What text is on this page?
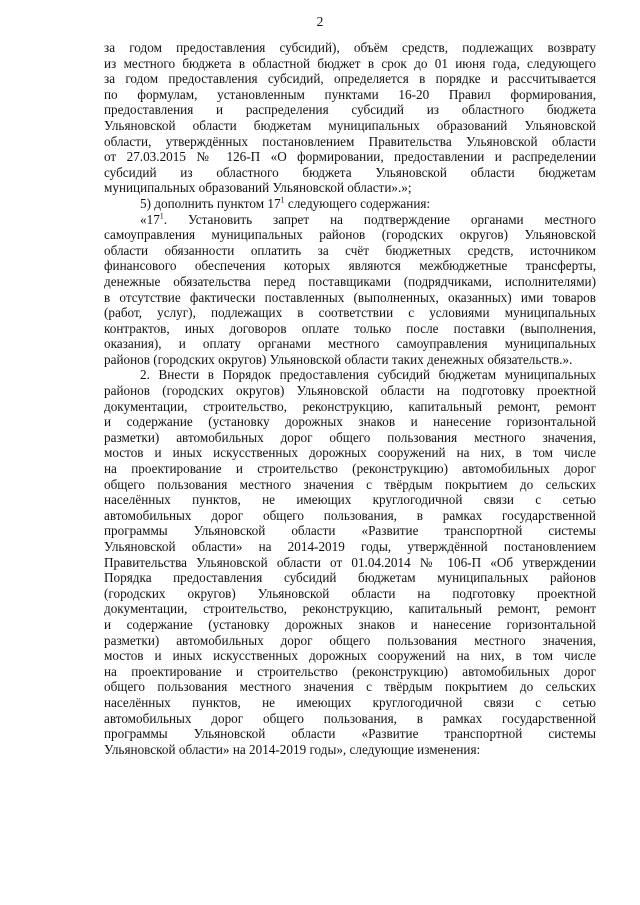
2
за годом предоставления субсидий), объём средств, подлежащих возврату
из местного бюджета в областной бюджет в срок до 01 июня года, следующего
за годом предоставления субсидий, определяется в порядке и рассчитывается
по формулам, установленным пунктами 16-20 Правил формирования,
предоставления и распределения субсидий из областного бюджета
Ульяновской области бюджетам муниципальных образований Ульяновской
области, утверждённых постановлением Правительства Ульяновской области
от 27.03.2015 № 126-П «О формировании, предоставлении и распределении
субсидий из областного бюджета Ульяновской области бюджетам
муниципальных образований Ульяновской области».»;
5) дополнить пунктом $17^1$ следующего содержания:
«$17^1$. Установить запрет на подтверждение органами местного
самоуправления муниципальных районов (городских округов) Ульяновской
области обязанности оплатить за счёт бюджетных средств, источником
финансового обеспечения которых являются межбюджетные трансферты,
денежные обязательства перед поставщиками (подрядчиками, исполнителями)
в отсутствие фактически поставленных (выполненных, оказанных) ими товаров
(работ, услуг), подлежащих в соответствии с условиями муниципальных
контрактов, иных договоров оплате только после поставки (выполнения,
оказания), и оплату органами местного самоуправления муниципальных
районов (городских округов) Ульяновской области таких денежных обязательств.».
2. Внести в Порядок предоставления субсидий бюджетам муниципальных
районов (городских округов) Ульяновской области на подготовку проектной
документации, строительство, реконструкцию, капитальный ремонт, ремонт
и содержание (установку дорожных знаков и нанесение горизонтальной
разметки) автомобильных дорог общего пользования местного значения,
мостов и иных искусственных дорожных сооружений на них, в том числе
на проектирование и строительство (реконструкцию) автомобильных дорог
общего пользования местного значения с твёрдым покрытием до сельских
населённых пунктов, не имеющих круглогодичной связи с сетью
автомобильных дорог общего пользования, в рамках государственной
программы Ульяновской области «Развитие транспортной системы
Ульяновской области» на 2014-2019 годы, утверждённой постановлением
Правительства Ульяновской области от 01.04.2014 № 106-П «Об утверждении
Порядка предоставления субсидий бюджетам муниципальных районов
(городских округов) Ульяновской области на подготовку проектной
документации, строительство, реконструкцию, капитальный ремонт, ремонт
и содержание (установку дорожных знаков и нанесение горизонтальной
разметки) автомобильных дорог общего пользования местного значения,
мостов и иных искусственных дорожных сооружений на них, в том числе
на проектирование и строительство (реконструкцию) автомобильных дорог
общего пользования местного значения с твёрдым покрытием до сельских
населённых пунктов, не имеющих круглогодичной связи с сетью
автомобильных дорог общего пользования, в рамках государственной
программы Ульяновской области «Развитие транспортной системы
Ульяновской области» на 2014-2019 годы», следующие изменения:
